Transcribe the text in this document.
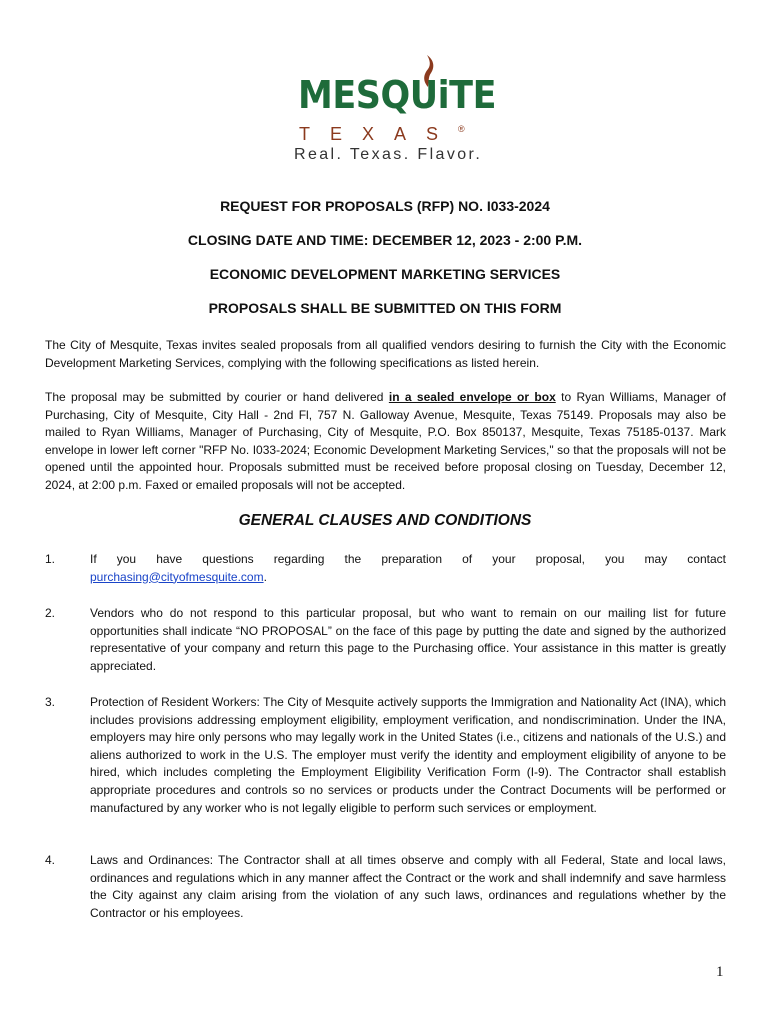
MESQUiTE
TEXAS®
Real. Texas. Flavor.
REQUEST FOR PROPOSALS (RFP) NO. I033-2024
CLOSING DATE AND TIME: DECEMBER 12, 2023 - 2:00 P.M.
ECONOMIC DEVELOPMENT MARKETING SERVICES
PROPOSALS SHALL BE SUBMITTED ON THIS FORM

The City of Mesquite, Texas invites sealed proposals from all qualified vendors desiring to furnish the City with the Economic Development Marketing Services, complying with the following specifications as listed herein.

The proposal may be submitted by courier or hand delivered in a sealed envelope or box to Ryan Williams, Manager of Purchasing, City of Mesquite, City Hall - 2nd Fl, 757 N. Galloway Avenue, Mesquite, Texas 75149. Proposals may also be mailed to Ryan Williams, Manager of Purchasing, City of Mesquite, P.O. Box 850137, Mesquite, Texas 75185-0137. Mark envelope in lower left corner "RFP No. I033-2024; Economic Development Marketing Services," so that the proposals will not be opened until the appointed hour. Proposals submitted must be received before proposal closing on Tuesday, December 12, 2024, at 2:00 p.m. Faxed or emailed proposals will not be accepted.

GENERAL CLAUSES AND CONDITIONS
1.	If you have questions regarding the preparation of your proposal, you may contact
purchasing@cityofmesquite.com.

2.	Vendors who do not respond to this particular proposal, but who want to remain on our mailing list for future opportunities shall indicate “NO PROPOSAL” on the face of this page by putting the date and signed by the authorized representative of your company and return this page to the Purchasing office. Your assistance in this matter is greatly appreciated.

3.	Protection of Resident Workers: The City of Mesquite actively supports the Immigration and Nationality Act (INA), which includes provisions addressing employment eligibility, employment verification, and nondiscrimination. Under the INA, employers may hire only persons who may legally work in the United States (i.e., citizens and nationals of the U.S.) and aliens authorized to work in the U.S. The employer must verify the identity and employment eligibility of anyone to be hired, which includes completing the Employment Eligibility Verification Form (I-9). The Contractor shall establish appropriate procedures and controls so no services or products under the Contract Documents will be performed or manufactured by any worker who is not legally eligible to perform such services or employment.

4.	Laws and Ordinances: The Contractor shall at all times observe and comply with all Federal, State and local laws, ordinances and regulations which in any manner affect the Contract or the work and shall indemnify and save harmless the City against any claim arising from the violation of any such laws, ordinances and regulations whether by the Contractor or his employees.

1
